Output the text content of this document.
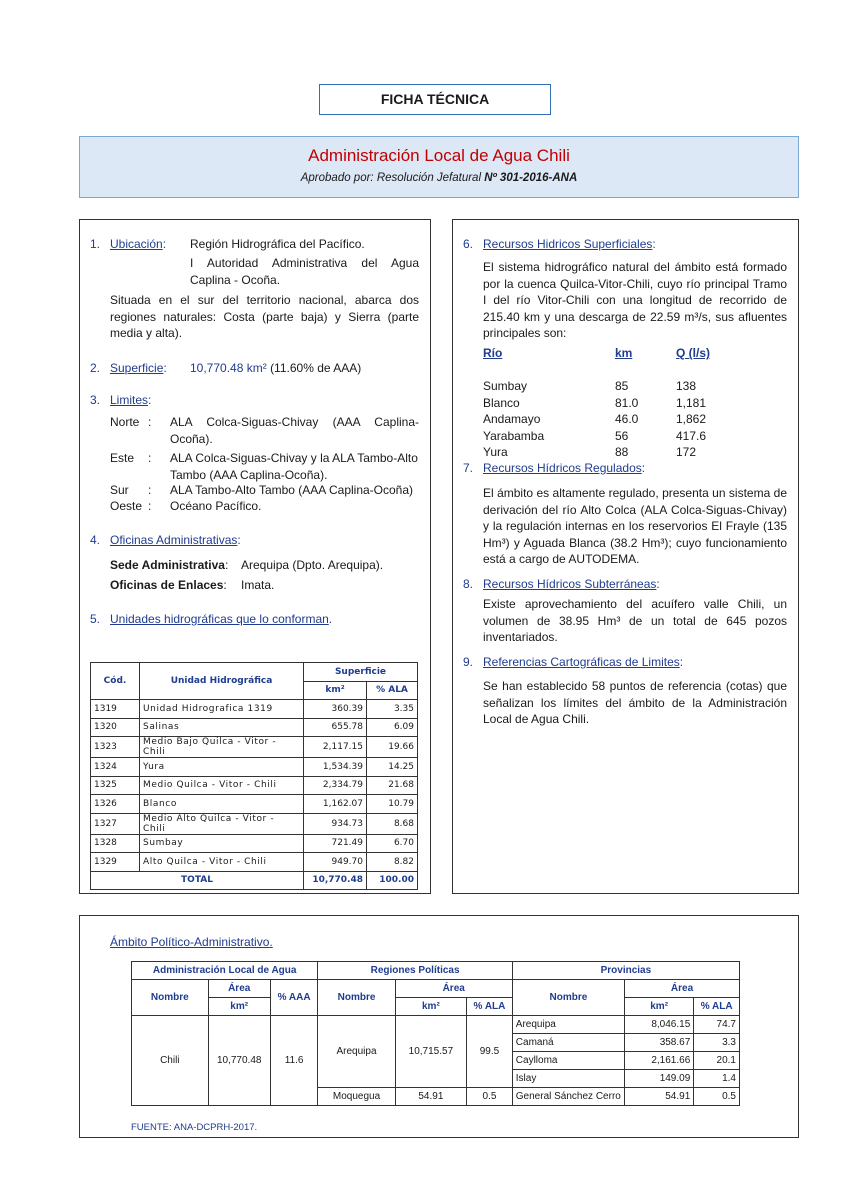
FICHA TÉCNICA
Administración Local de Agua Chili
Aprobado por: Resolución Jefatural Nº 301-2016-ANA
1. Ubicación: Región Hidrográfica del Pacífico.
I Autoridad Administrativa del Agua Caplina - Ocoña.
Situada en el sur del territorio nacional, abarca dos regiones naturales: Costa (parte baja) y Sierra (parte media y alta).
2. Superficie: 10,770.48 km² (11.60% de AAA)
3. Limites:
Norte : ALA Colca-Siguas-Chivay (AAA Caplina-Ocoña).
Este : ALA Colca-Siguas-Chivay y la ALA Tambo-Alto Tambo (AAA Caplina-Ocoña).
Sur : ALA Tambo-Alto Tambo (AAA Caplina-Ocoña)
Oeste : Océano Pacífico.
4. Oficinas Administrativas:
Sede Administrativa: Arequipa (Dpto. Arequipa).
Oficinas de Enlaces: Imata.
5. Unidades hidrográficas que lo conforman.
Cód.	Unidad Hidrográfica	Superficie	
		km²	% ALA
1319	Unidad Hidrografica 1319	360.39	3.35
1320	Salinas	655.78	6.09
1323	Medio Bajo Quilca - Vitor - Chili	2,117.15	19.66
1324	Yura	1,534.39	14.25
1325	Medio Quilca - Vitor - Chili	2,334.79	21.68
1326	Blanco	1,162.07	10.79
1327	Medio Alto Quilca - Vitor - Chili	934.73	8.68
1328	Sumbay	721.49	6.70
1329	Alto Quilca - Vitor - Chili	949.70	8.82
TOTAL		10,770.48	100.00
6. Recursos Hidricos Superficiales:
El sistema hidrográfico natural del ámbito está formado por la cuenca Quilca-Vitor-Chili, cuyo río principal Tramo I del río Vitor-Chili con una longitud de recorrido de 215.40 km y una descarga de 22.59 m³/s, sus afluentes principales son:
Río	km	Q (l/s)

Sumbay	85	138
Blanco	81.0	1,181
Andamayo	46.0	1,862
Yarabamba	56	417.6
Yura	88	172
7. Recursos Hídricos Regulados:
El ámbito es altamente regulado, presenta un sistema de derivación del río Alto Colca (ALA Colca-Siguas-Chivay) y la regulación internas en los reservorios El Frayle (135 Hm³) y Aguada Blanca (38.2 Hm³); cuyo funcionamiento está a cargo de AUTODEMA.
8. Recursos Hídricos Subterráneas:
Existe aprovechamiento del acuífero valle Chili, un volumen de 38.95 Hm³ de un total de 645 pozos inventariados.
9. Referencias Cartográficas de Limites:
Se han establecido 58 puntos de referencia (cotas) que señalizan los límites del ámbito de la Administración Local de Agua Chili.
Ámbito Político-Administrativo.
Administración Local de Agua			Regiones Políticas			Provincias		
Nombre	Área	% AAA	Nombre	Área		Nombre	Área	
	km²			km²	% ALA		km²	% ALA
Chili	10,770.48	11.6	Arequipa	10,715.57	99.5	Arequipa	8,046.15	74.7
						Camaná	358.67	3.3
						Caylloma	2,161.66	20.1
						Islay	149.09	1.4
			Moquegua	54.91	0.5	General Sánchez Cerro	54.91	0.5
FUENTE: ANA-DCPRH-2017.
